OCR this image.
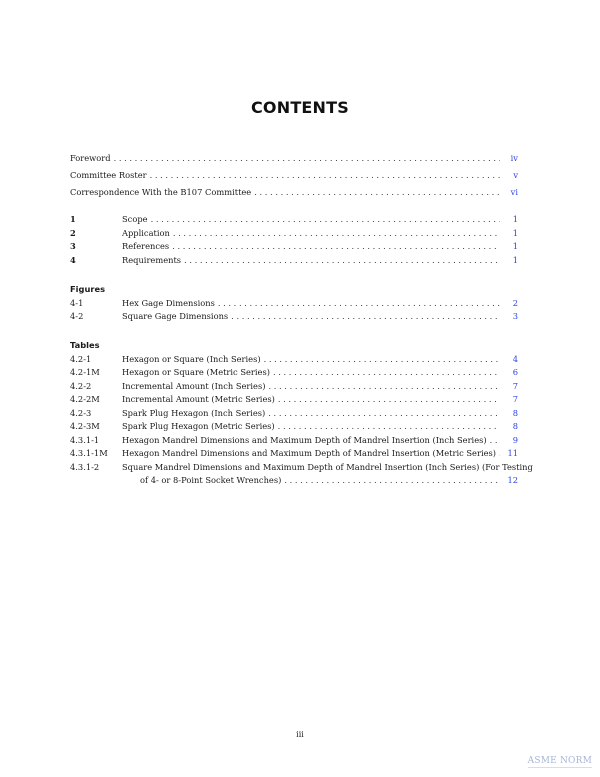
CONTENTS
Foreword . . .	iv
Committee Roster . . .	v
Correspondence With the B107 Committee . . .	vi
1	Scope . . .	1
2	Application . . .	1
3	References . . .	1
4	Requirements . . .	1
Figures
4-1	Hex Gage Dimensions . . .	2
4-2	Square Gage Dimensions . . .	3
Tables
4.2-1	Hexagon or Square (Inch Series) . . .	4
4.2-1M	Hexagon or Square (Metric Series) . . .	6
4.2-2	Incremental Amount (Inch Series) . . .	7
4.2-2M	Incremental Amount (Metric Series) . . .	7
4.2-3	Spark Plug Hexagon (Inch Series) . . .	8
4.2-3M	Spark Plug Hexagon (Metric Series) . . .	8
4.3.1-1	Hexagon Mandrel Dimensions and Maximum Depth of Mandrel Insertion (Inch Series) . . .	9
4.3.1-1M	Hexagon Mandrel Dimensions and Maximum Depth of Mandrel Insertion (Metric Series) . . .	11
4.3.1-2	Square Mandrel Dimensions and Maximum Depth of Mandrel Insertion (Inch Series) (For Testing
of 4- or 8-Point Socket Wrenches) . . .	12
iii
ASME NORM
